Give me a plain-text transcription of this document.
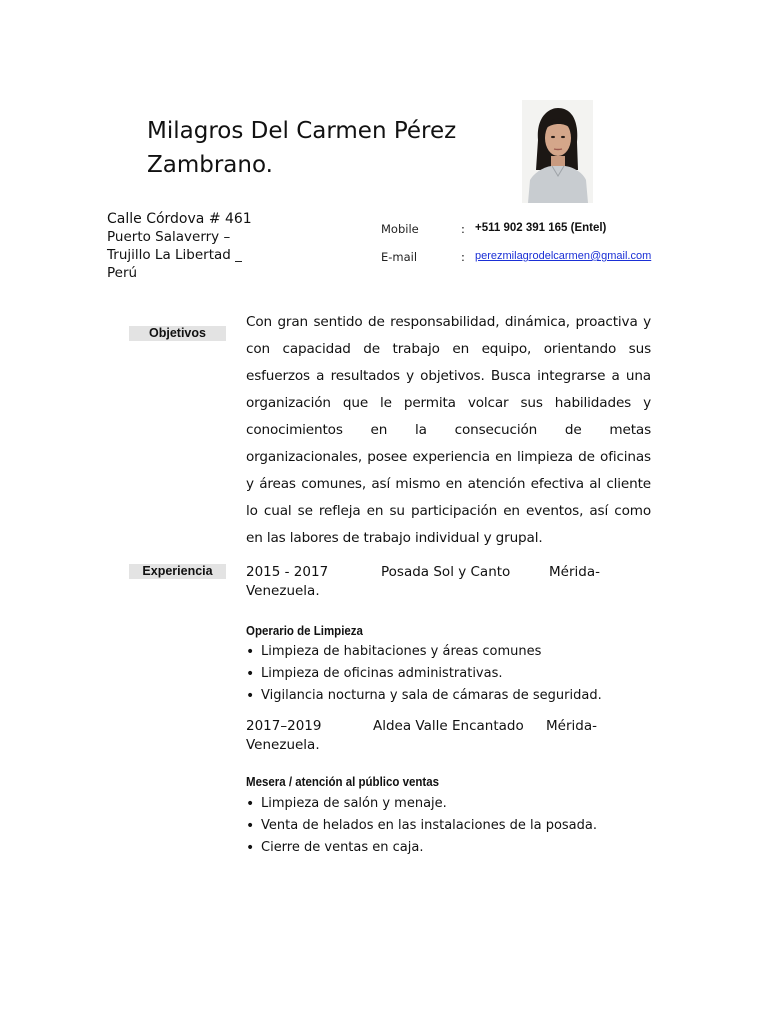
Milagros Del Carmen Pérez
Zambrano.
Calle Córdova # 461
Puerto Salaverry –
Trujillo La Libertad _
Perú
Mobile	: +511 902 391 165 (Entel)
E-mail	: perezmilagrodelcarmen@gmail.com
Objetivos
Con gran sentido de responsabilidad, dinámica, proactiva y con capacidad de trabajo en equipo, orientando sus esfuerzos a resultados y objetivos. Busca integrarse a una organización que le permita volcar sus habilidades y conocimientos en la consecución de metas organizacionales, posee experiencia en limpieza de oficinas y áreas comunes, así mismo en atención efectiva al cliente lo cual se refleja en su participación en eventos, así como en las labores de trabajo individual y grupal.
Experiencia	2015 - 2017	Posada Sol y Canto	Mérida-
Venezuela.
Operario de Limpieza
• Limpieza de habitaciones y áreas comunes
• Limpieza de oficinas administrativas.
• Vigilancia nocturna y sala de cámaras de seguridad.
2017–2019	Aldea Valle Encantado Mérida-
Venezuela.
Mesera / atención al público ventas
• Limpieza de salón y menaje.
• Venta de helados en las instalaciones de la posada.
• Cierre de ventas en caja.
